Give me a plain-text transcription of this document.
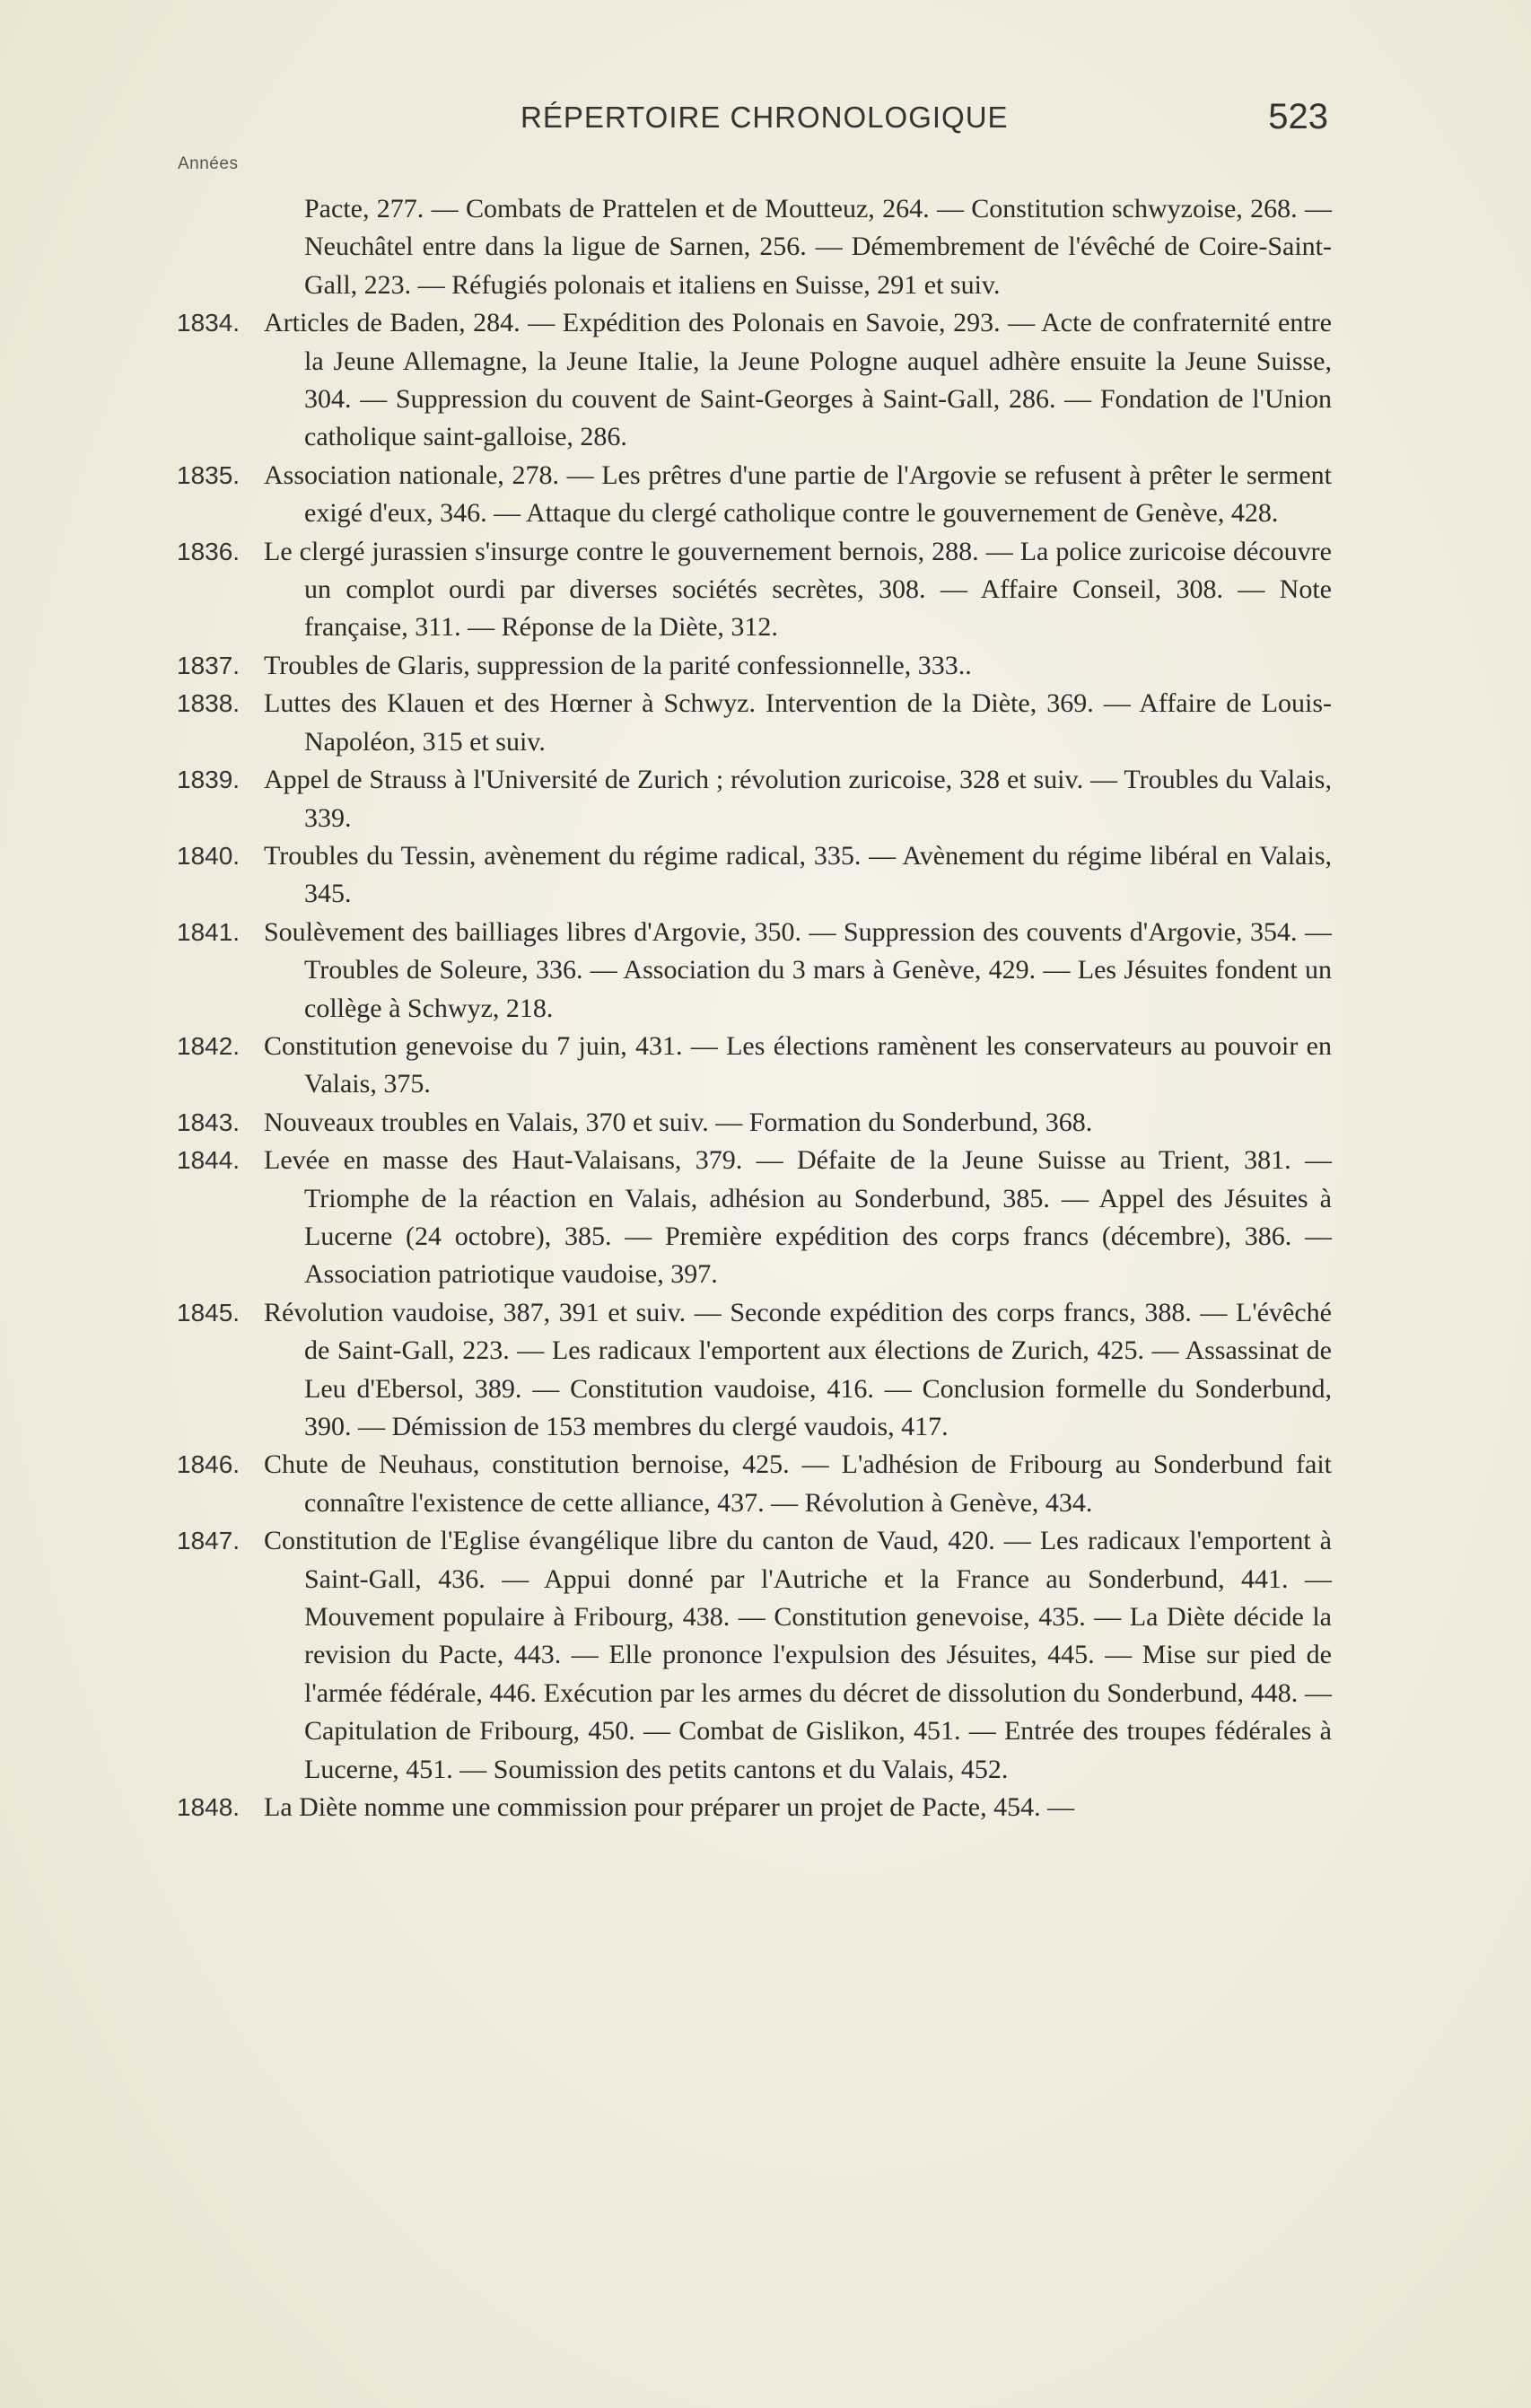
RÉPERTOIRE CHRONOLOGIQUE	523
Années
Pacte, 277. — Combats de Prattelen et de Moutteuz, 264. — Constitution schwyzoise, 268. — Neuchâtel entre dans la ligue de Sarnen, 256. — Démembrement de l'évêché de Coire-Saint-Gall, 223. — Réfugiés polonais et italiens en Suisse, 291 et suiv.
1834. Articles de Baden, 284. — Expédition des Polonais en Savoie, 293. — Acte de confraternité entre la Jeune Allemagne, la Jeune Italie, la Jeune Pologne auquel adhère ensuite la Jeune Suisse, 304. — Suppression du couvent de Saint-Georges à Saint-Gall, 286. — Fondation de l'Union catholique saint-galloise, 286.
1835. Association nationale, 278. — Les prêtres d'une partie de l'Argovie se refusent à prêter le serment exigé d'eux, 346. — Attaque du clergé catholique contre le gouvernement de Genève, 428.
1836. Le clergé jurassien s'insurge contre le gouvernement bernois, 288. — La police zuricoise découvre un complot ourdi par diverses sociétés secrètes, 308. — Affaire Conseil, 308. — Note française, 311. — Réponse de la Diète, 312.
1837. Troubles de Glaris, suppression de la parité confessionnelle, 333..
1838. Luttes des Klauen et des Hœrner à Schwyz. Intervention de la Diète, 369. — Affaire de Louis-Napoléon, 315 et suiv.
1839. Appel de Strauss à l'Université de Zurich ; révolution zuricoise, 328 et suiv. — Troubles du Valais, 339.
1840. Troubles du Tessin, avènement du régime radical, 335. — Avènement du régime libéral en Valais, 345.
1841. Soulèvement des bailliages libres d'Argovie, 350. — Suppression des couvents d'Argovie, 354. — Troubles de Soleure, 336. — Association du 3 mars à Genève, 429. — Les Jésuites fondent un collège à Schwyz, 218.
1842. Constitution genevoise du 7 juin, 431. — Les élections ramènent les conservateurs au pouvoir en Valais, 375.
1843. Nouveaux troubles en Valais, 370 et suiv. — Formation du Sonderbund, 368.
1844. Levée en masse des Haut-Valaisans, 379. — Défaite de la Jeune Suisse au Trient, 381. — Triomphe de la réaction en Valais, adhésion au Sonderbund, 385. — Appel des Jésuites à Lucerne (24 octobre), 385. — Première expédition des corps francs (décembre), 386. — Association patriotique vaudoise, 397.
1845. Révolution vaudoise, 387, 391 et suiv. — Seconde expédition des corps francs, 388. — L'évêché de Saint-Gall, 223. — Les radicaux l'emportent aux élections de Zurich, 425. — Assassinat de Leu d'Ebersol, 389. — Constitution vaudoise, 416. — Conclusion formelle du Sonderbund, 390. — Démission de 153 membres du clergé vaudois, 417.
1846. Chute de Neuhaus, constitution bernoise, 425. — L'adhésion de Fribourg au Sonderbund fait connaître l'existence de cette alliance, 437. — Révolution à Genève, 434.
1847. Constitution de l'Eglise évangélique libre du canton de Vaud, 420. — Les radicaux l'emportent à Saint-Gall, 436. — Appui donné par l'Autriche et la France au Sonderbund, 441. — Mouvement populaire à Fribourg, 438. — Constitution genevoise, 435. — La Diète décide la revision du Pacte, 443. — Elle prononce l'expulsion des Jésuites, 445. — Mise sur pied de l'armée fédérale, 446. Exécution par les armes du décret de dissolution du Sonderbund, 448. — Capitulation de Fribourg, 450. — Combat de Gislikon, 451. — Entrée des troupes fédérales à Lucerne, 451. — Soumission des petits cantons et du Valais, 452.
1848. La Diète nomme une commission pour préparer un projet de Pacte, 454. —
